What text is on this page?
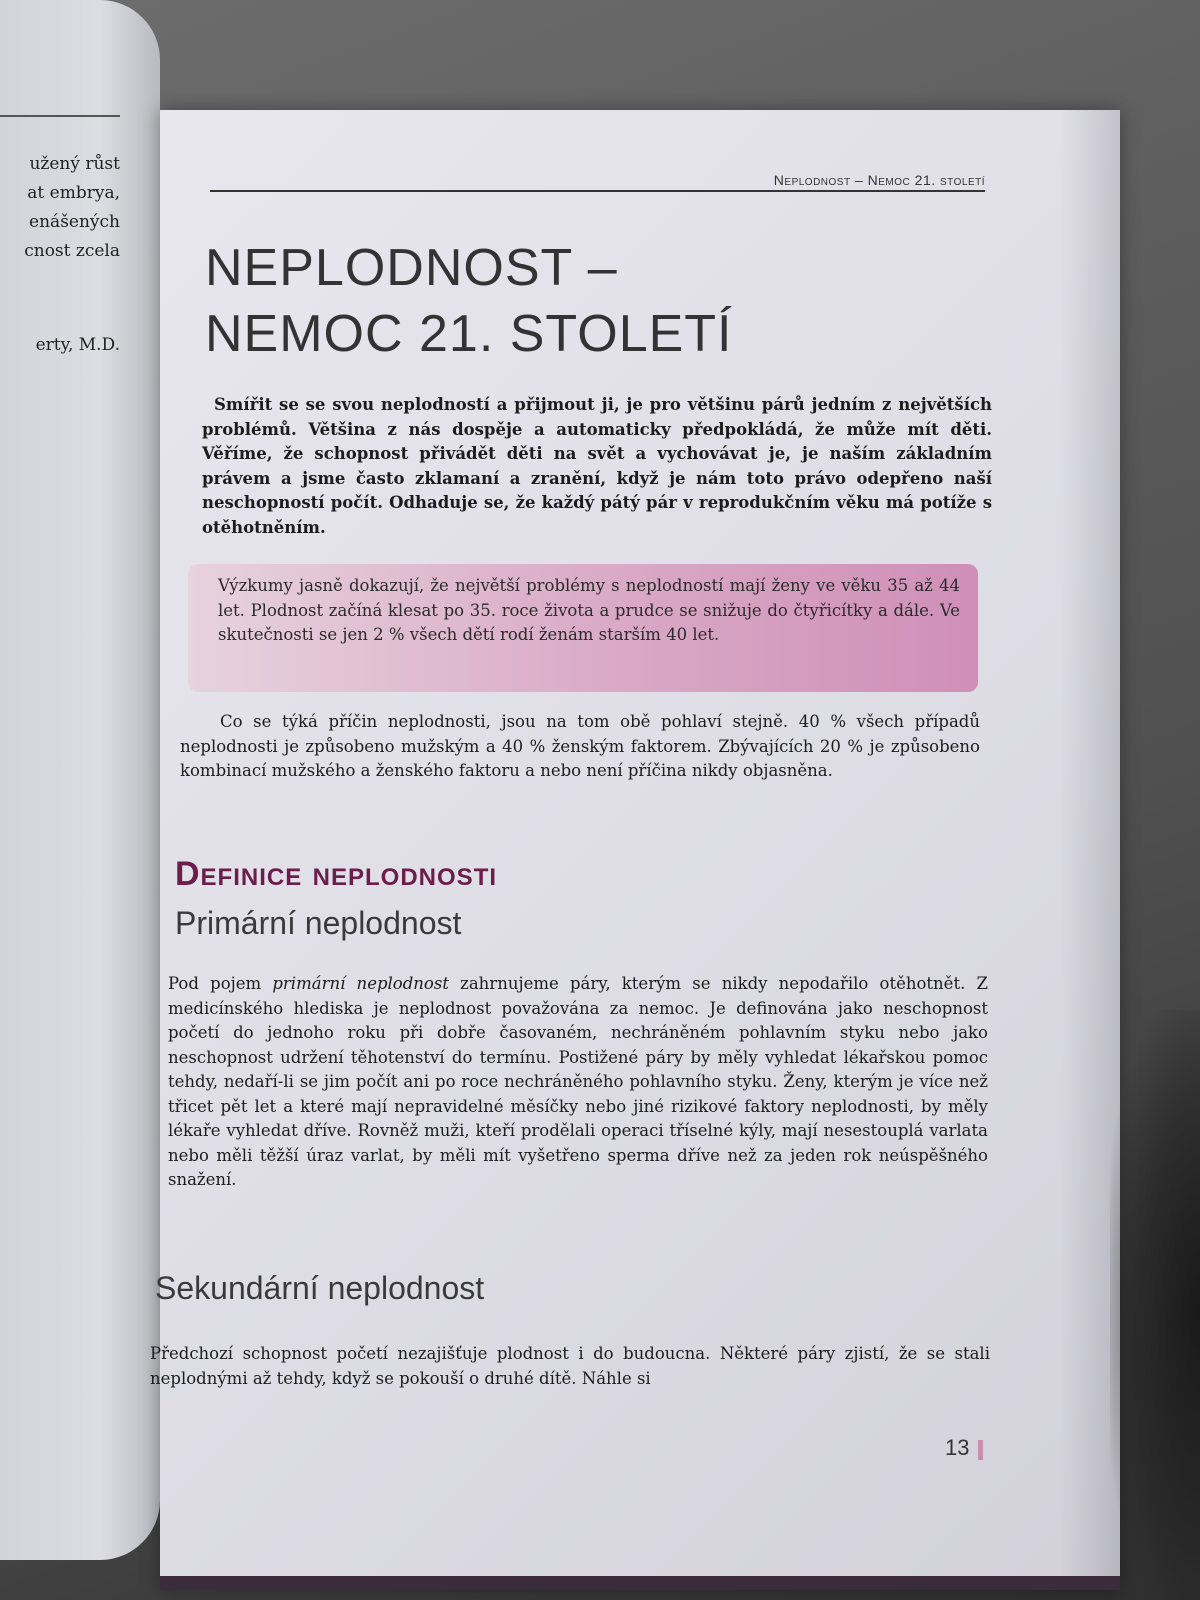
užený růst
at embrya,
enášených
cnost zcela
erty, M.D.
Neplodnost – Nemoc 21. století
NEPLODNOST –
NEMOC 21. STOLETÍ

Smířit se se svou neplodností a přijmout ji, je pro většinu párů jedním z největších problémů. Většina z nás dospěje a automaticky předpokládá, že může mít děti. Věříme, že schopnost přivádět děti na svět a vychovávat je, je naším základním právem a jsme často zklamaní a zranění, když je nám toto právo odepřeno naší neschopností počít. Odhaduje se, že každý pátý pár v reprodukčním věku má potíže s otěhotněním.

Výzkumy jasně dokazují, že největší problémy s neplodností mají ženy ve věku 35 až 44 let. Plodnost začíná klesat po 35. roce života a prudce se snižuje do čtyřicítky a dále. Ve skutečnosti se jen 2 % všech dětí rodí ženám starším 40 let.

Co se týká příčin neplodnosti, jsou na tom obě pohlaví stejně. 40 % všech případů neplodnosti je způsobeno mužským a 40 % ženským faktorem. Zbývajících 20 % je způsobeno kombinací mužského a ženského faktoru a nebo není příčina nikdy objasněna.

Definice neplodnosti
Primární neplodnost

Pod pojem primární neplodnost zahrnujeme páry, kterým se nikdy nepodařilo otěhotnět. Z medicínského hlediska je neplodnost považována za nemoc. Je definována jako neschopnost početí do jednoho roku při dobře časovaném, nechráněném pohlavním styku nebo jako neschopnost udržení těhotenství do termínu. Postižené páry by měly vyhledat lékařskou pomoc tehdy, nedaří-li se jim počít ani po roce nechráněného pohlavního styku. Ženy, kterým je více než třicet pět let a které mají nepravidelné měsíčky nebo jiné rizikové faktory neplodnosti, by měly lékaře vyhledat dříve. Rovněž muži, kteří prodělali operaci tříselné kýly, mají nesestouplá varlata nebo měli těžší úraz varlat, by měli mít vyšetřeno sperma dříve než za jeden rok neúspěšného snažení.

Sekundární neplodnost

Předchozí schopnost početí nezajišťuje plodnost i do budoucna. Některé páry zjistí, že se stali neplodnými až tehdy, když se pokouší o druhé dítě. Náhle si

13
